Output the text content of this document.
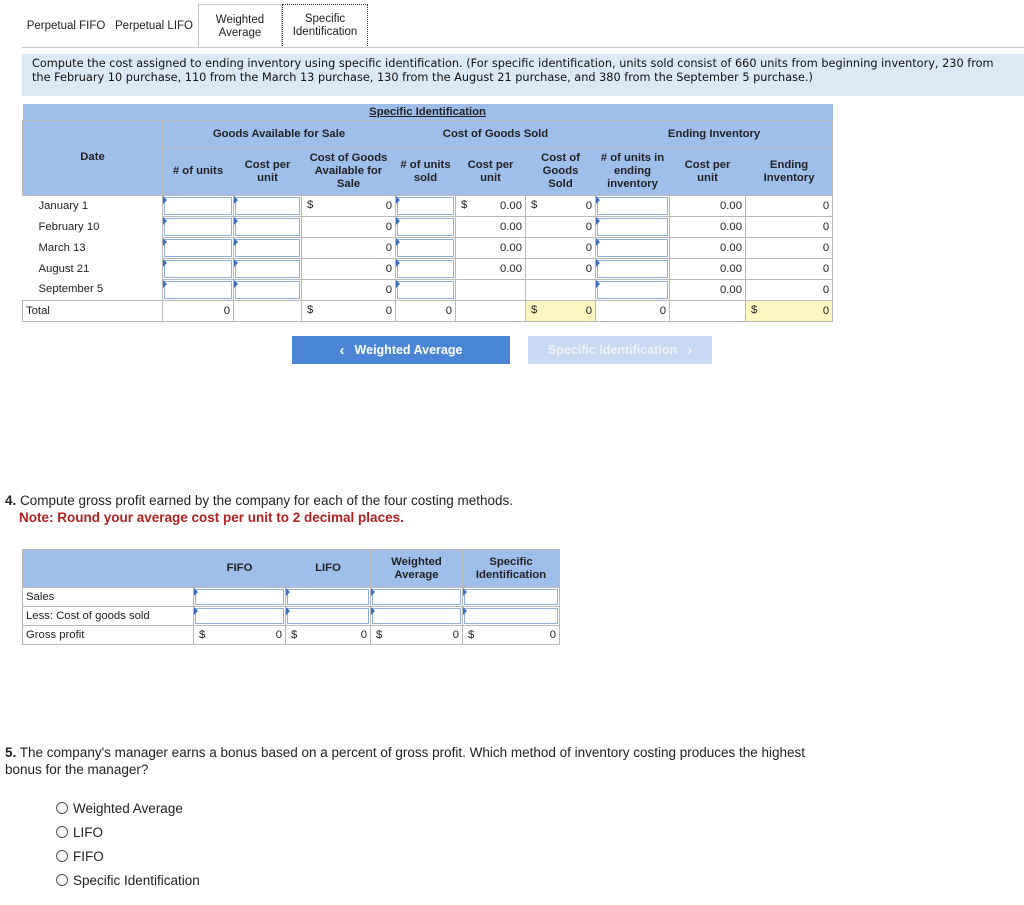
Perpetual FIFO Perpetual LIFO	Weighted Average
Specific Identification
Compute the cost assigned to ending inventory using specific identification. (For specific identification, units sold consist of 660 units from beginning inventory, 230 from the February 10 purchase, 110 from the March 13 purchase, 130 from the August 21 purchase, and 380 from the September 5 purchase.)
Specific Identification									
Date	Goods Available for Sale			Cost of Goods Sold			Ending Inventory		
	# of units	Cost per unit	Cost of Goods Available for Sale	# of units sold	Cost per unit	Cost of Goods Sold	# of units in ending inventory	Cost per unit	Ending Inventory
January 1			$ 0		$ 0.00	$ 0		0.00	0
February 10			0		0.00	0		0.00	0
March 13			0		0.00	0		0.00	0
August 21			0		0.00	0		0.00	0
September 5			0					0.00	0
Total	0		$ 0	0		$ 0	0		$ 0
‹ Weighted Average	Specific Identification ›
4. Compute gross profit earned by the company for each of the four costing methods.
Note: Round your average cost per unit to 2 decimal places.
	FIFO	LIFO	Weighted Average	Specific Identification
Sales	

Less: Cost of goods sold	

Gross profit	$ 0	$ 0	$ 0	$ 0
5. The company's manager earns a bonus based on a percent of gross profit. Which method of inventory costing produces the highest bonus for the manager?
Weighted Average
LIFO
FIFO
Specific Identification
